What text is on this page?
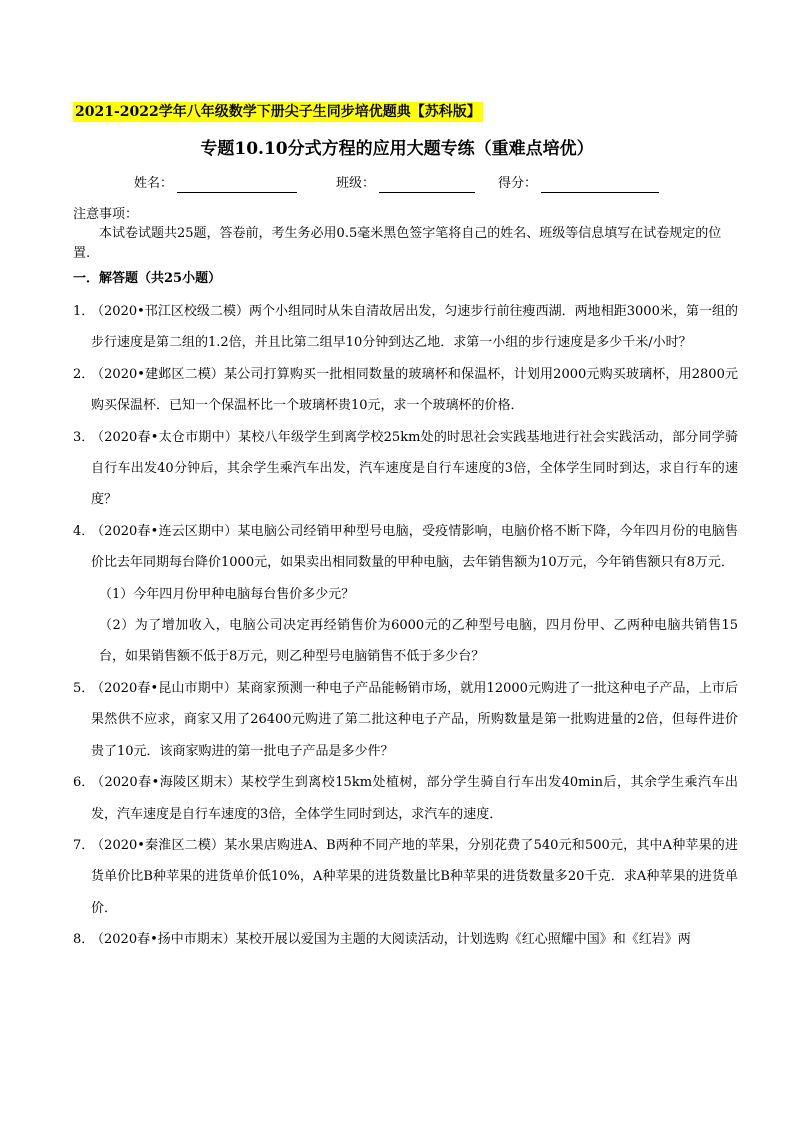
2021-2022学年八年级数学下册尖子生同步培优题典【苏科版】
专题10.10分式方程的应用大题专练（重难点培优）
姓名：	班级：	得分：
注意事项：
本试卷试题共25题，答卷前，考生务必用0.5毫米黑色签字笔将自己的姓名、班级等信息填写在试卷规定的位置.
一．解答题（共25小题）
1．
（2020•邗江区校级二模）两个小组同时从朱自清故居出发，匀速步行前往瘦西湖．两地相距3000米，第一组的步行速度是第二组的1.2倍，并且比第二组早10分钟到达乙地．求第一小组的步行速度是多少千米/小时？
2．
（2020•建邺区二模）某公司打算购买一批相同数量的玻璃杯和保温杯，计划用2000元购买玻璃杯，用2800元购买保温杯．已知一个保温杯比一个玻璃杯贵10元，求一个玻璃杯的价格．
3．
（2020春•太仓市期中）某校八年级学生到离学校25km处的时思社会实践基地进行社会实践活动，部分同学骑自行车出发40分钟后，其余学生乘汽车出发，汽车速度是自行车速度的3倍，全体学生同时到达，求自行车的速度？
4．
（2020春•连云区期中）某电脑公司经销甲种型号电脑，受疫情影响，电脑价格不断下降，今年四月份的电脑售价比去年同期每台降价1000元，如果卖出相同数量的甲种电脑，去年销售额为10万元，今年销售额只有8万元．
（1）今年四月份甲种电脑每台售价多少元？
（2）为了增加收入，电脑公司决定再经销售价为6000元的乙种型号电脑，四月份甲、乙两种电脑共销售15台，如果销售额不低于8万元，则乙种型号电脑销售不低于多少台？
5．
（2020春•昆山市期中）某商家预测一种电子产品能畅销市场，就用12000元购进了一批这种电子产品，上市后果然供不应求，商家又用了26400元购进了第二批这种电子产品，所购数量是第一批购进量的2倍，但每件进价贵了10元．该商家购进的第一批电子产品是多少件？
6．
（2020春•海陵区期末）某校学生到离校15km处植树，部分学生骑自行车出发40min后，其余学生乘汽车出发，汽车速度是自行车速度的3倍，全体学生同时到达，求汽车的速度．
7．
（2020•秦淮区二模）某水果店购进A、B两种不同产地的苹果，分别花费了540元和500元，其中A种苹果的进货单价比B种苹果的进货单价低10%，A种苹果的进货数量比B种苹果的进货数量多20千克．求A种苹果的进货单价．
8．
（2020春•扬中市期末）某校开展以爱国为主题的大阅读活动，计划选购《红心照耀中国》和《红岩》两
